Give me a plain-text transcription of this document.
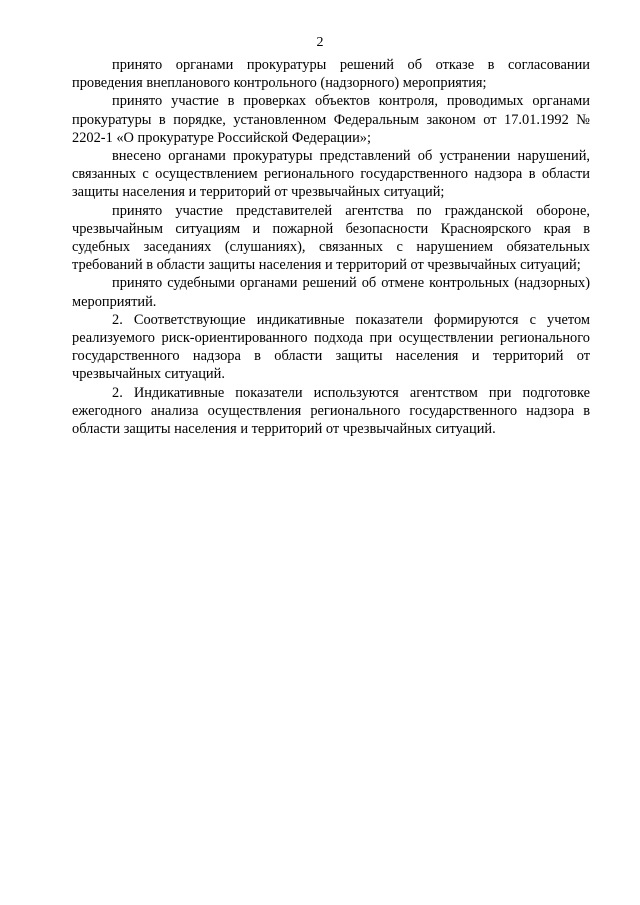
2

принято органами прокуратуры решений об отказе в согласовании проведения внепланового контрольного (надзорного) мероприятия;

принято участие в проверках объектов контроля, проводимых органами прокуратуры в порядке, установленном Федеральным законом от 17.01.1992 № 2202-1 «О прокуратуре Российской Федерации»;

внесено органами прокуратуры представлений об устранении нарушений, связанных с осуществлением регионального государственного надзора в области защиты населения и территорий от чрезвычайных ситуаций;

принято участие представителей агентства по гражданской обороне, чрезвычайным ситуациям и пожарной безопасности Красноярского края в судебных заседаниях (слушаниях), связанных с нарушением обязательных требований в области защиты населения и территорий от чрезвычайных ситуаций;

принято судебными органами решений об отмене контрольных (надзорных) мероприятий.

2. Соответствующие индикативные показатели формируются с учетом реализуемого риск-ориентированного подхода при осуществлении регионального государственного надзора в области защиты населения и территорий от чрезвычайных ситуаций.

2. Индикативные показатели используются агентством при подготовке ежегодного анализа осуществления регионального государственного надзора в области защиты населения и территорий от чрезвычайных ситуаций.
